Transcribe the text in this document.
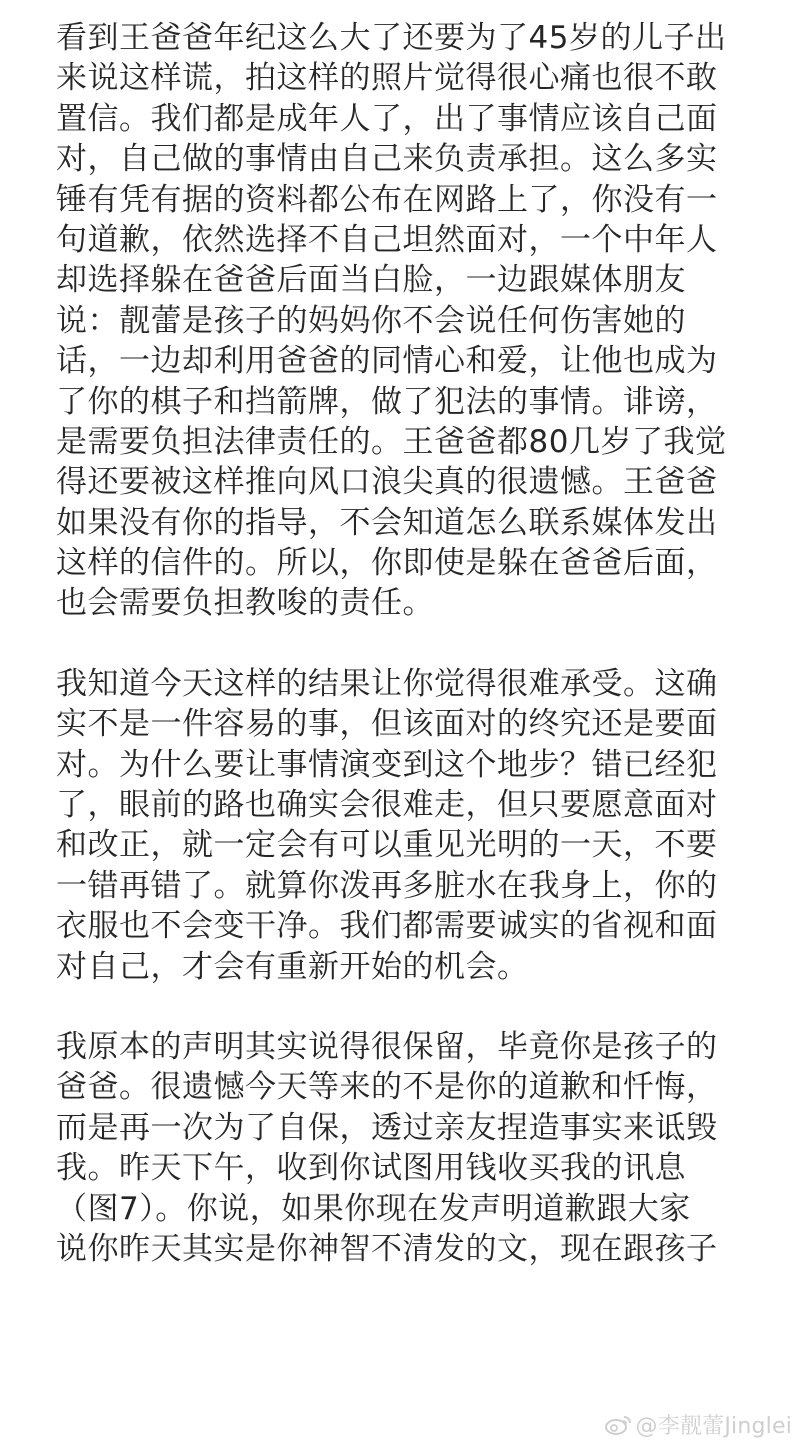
看到王爸爸年纪这么大了还要为了45岁的儿子出
来说这样谎，拍这样的照片觉得很心痛也很不敢
置信。我们都是成年人了，出了事情应该自己面
对，自己做的事情由自己来负责承担。这么多实
锤有凭有据的资料都公布在网路上了，你没有一
句道歉，依然选择不自己坦然面对，一个中年人
却选择躲在爸爸后面当白脸，一边跟媒体朋友
说：靓蕾是孩子的妈妈你不会说任何伤害她的
话，一边却利用爸爸的同情心和爱，让他也成为
了你的棋子和挡箭牌，做了犯法的事情。诽谤，
是需要负担法律责任的。王爸爸都80几岁了我觉
得还要被这样推向风口浪尖真的很遗憾。王爸爸
如果没有你的指导，不会知道怎么联系媒体发出
这样的信件的。所以，你即使是躲在爸爸后面，
也会需要负担教唆的责任。
我知道今天这样的结果让你觉得很难承受。这确
实不是一件容易的事，但该面对的终究还是要面
对。为什么要让事情演变到这个地步？错已经犯
了，眼前的路也确实会很难走，但只要愿意面对
和改正，就一定会有可以重见光明的一天，不要
一错再错了。就算你泼再多脏水在我身上，你的
衣服也不会变干净。我们都需要诚实的省视和面
对自己，才会有重新开始的机会。
我原本的声明其实说得很保留，毕竟你是孩子的
爸爸。很遗憾今天等来的不是你的道歉和忏悔，
而是再一次为了自保，透过亲友捏造事实来诋毁
我。昨天下午，收到你试图用钱收买我的讯息
（图7）。你说，如果你现在发声明道歉跟大家
说你昨天其实是你神智不清发的文，现在跟孩子
@李靓蕾Jinglei
